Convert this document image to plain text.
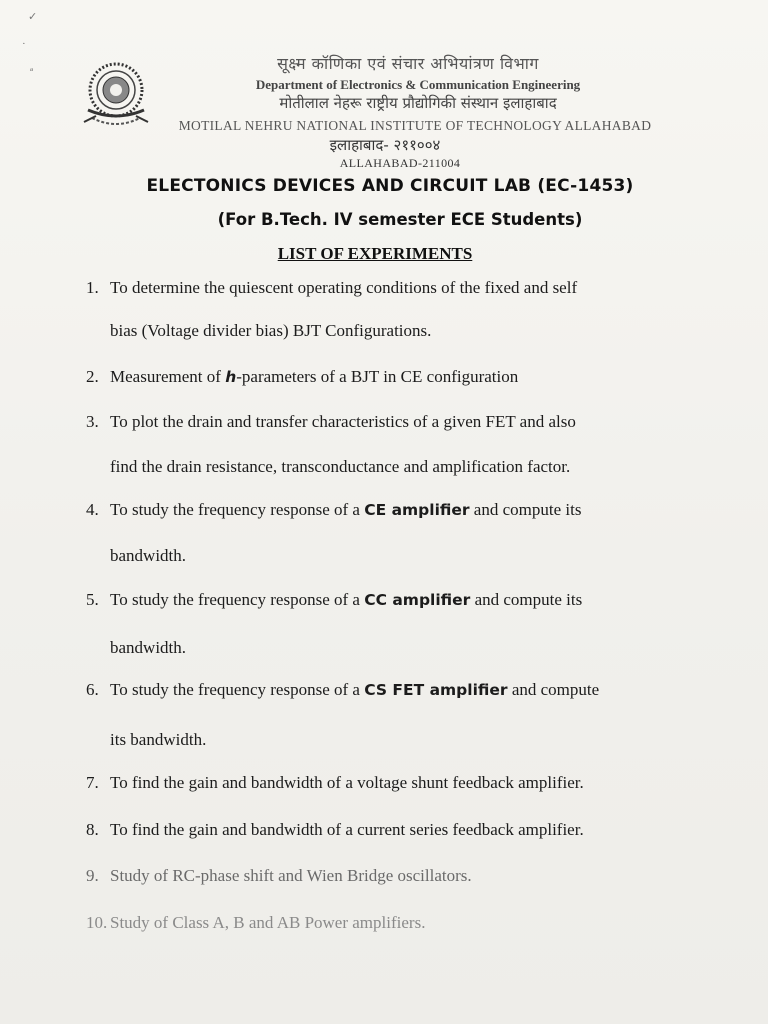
✓
·
ª	सूक्ष्म कॉणिका एवं संचार अभियांत्रण विभाग
Department of Electronics & Communication Engineering
मोतीलाल नेहरू राष्ट्रीय प्रौद्योगिकी संस्थान इलाहाबाद
MOTILAL NEHRU NATIONAL INSTITUTE OF TECHNOLOGY ALLAHABAD
इलाहाबाद- २११००४
ALLAHABAD-211004
ELECTONICS DEVICES AND CIRCUIT LAB (EC-1453)
(For B.Tech. IV semester ECE Students)
LIST OF EXPERIMENTS
1. To determine the quiescent operating conditions of the fixed and self
bias (Voltage divider bias) BJT Configurations.
2. Measurement of h-parameters of a BJT in CE configuration
3. To plot the drain and transfer characteristics of a given FET and also
find the drain resistance, transconductance and amplification factor.
4. To study the frequency response of a CE amplifier and compute its
bandwidth.
5. To study the frequency response of a CC amplifier and compute its
bandwidth.
6. To study the frequency response of a CS FET amplifier and compute
its bandwidth.
7. To find the gain and bandwidth of a voltage shunt feedback amplifier.
8. To find the gain and bandwidth of a current series feedback amplifier.
9. Study of RC-phase shift and Wien Bridge oscillators.
10. Study of Class A, B and AB Power amplifiers.
